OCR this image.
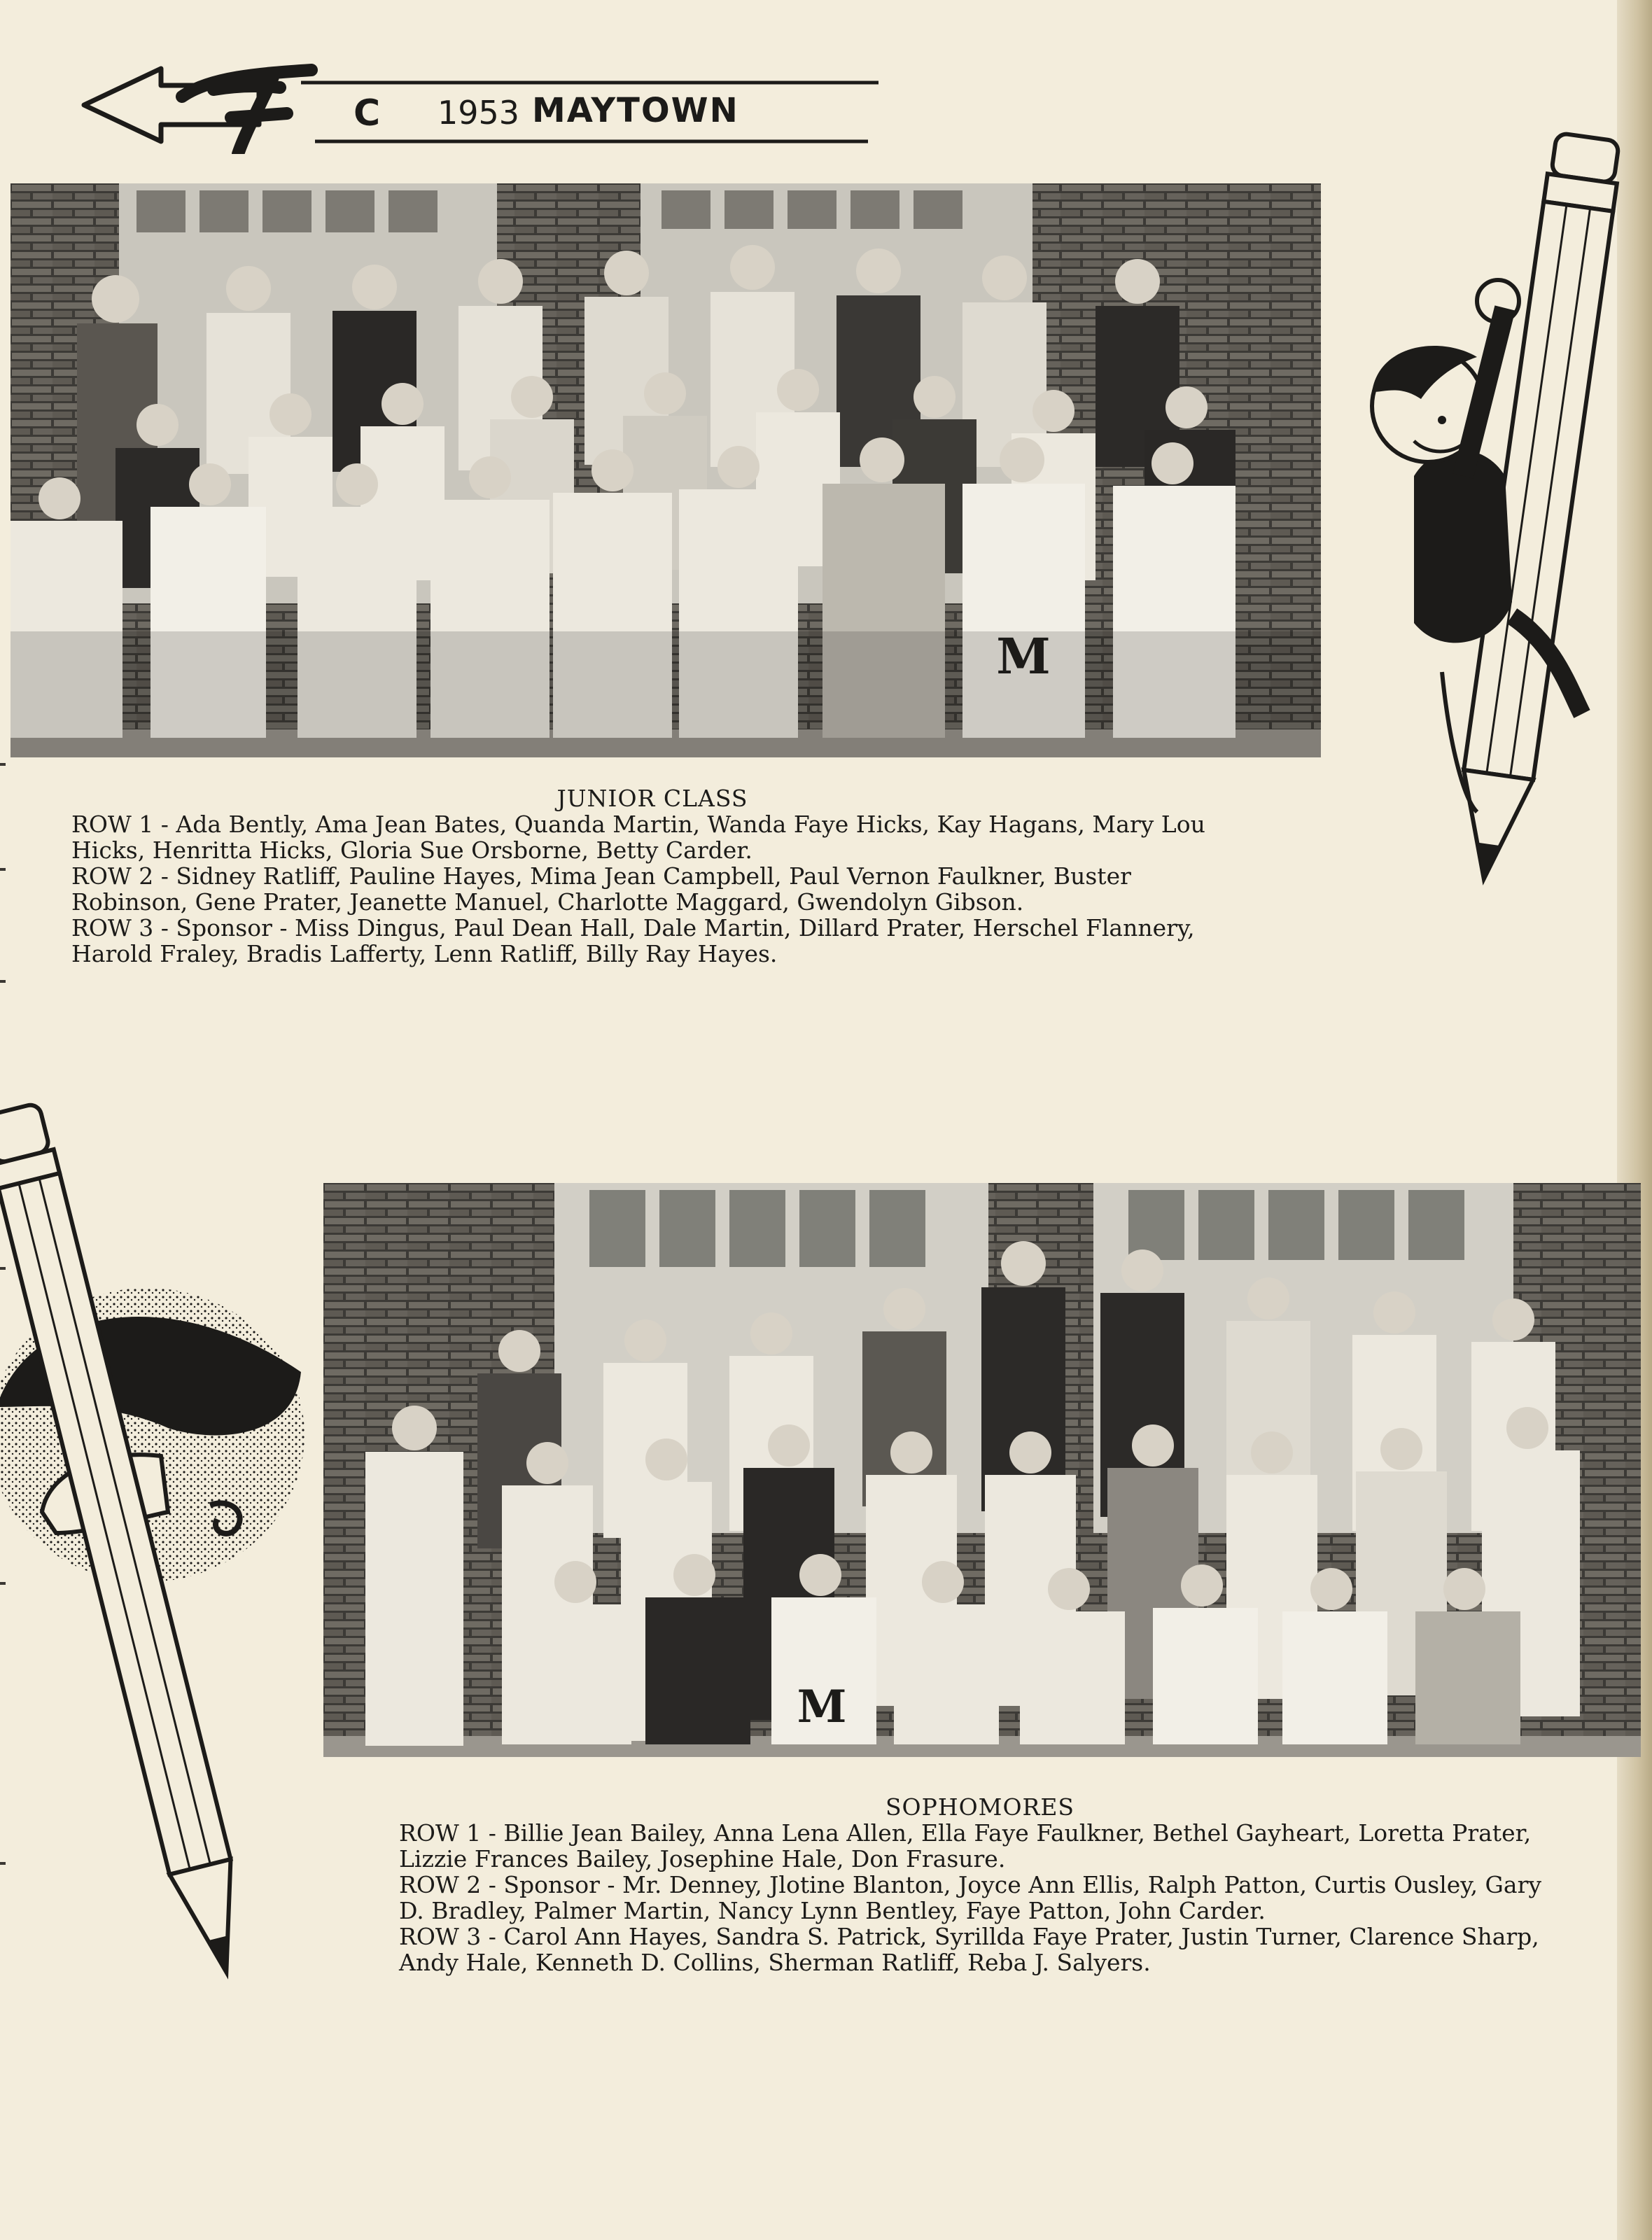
C 1953 MAYTOWN
M
JUNIOR CLASS

ROW 1 - Ada Bently, Ama Jean Bates, Quanda Martin, Wanda Faye Hicks, Kay Hagans, Mary Lou Hicks, Henritta Hicks, Gloria Sue Orsborne, Betty Carder.

ROW 2 - Sidney Ratliff, Pauline Hayes, Mima Jean Campbell, Paul Vernon Faulkner, Buster Robinson, Gene Prater, Jeanette Manuel, Charlotte Maggard, Gwendolyn Gibson.

ROW 3 - Sponsor - Miss Dingus, Paul Dean Hall, Dale Martin, Dillard Prater, Herschel Flannery, Harold Fraley, Bradis Lafferty, Lenn Ratliff, Billy Ray Hayes.

M
SOPHOMORES

ROW 1 - Billie Jean Bailey, Anna Lena Allen, Ella Faye Faulkner, Bethel Gayheart, Loretta Prater, Lizzie Frances Bailey, Josephine Hale, Don Frasure.

ROW 2 - Sponsor - Mr. Denney, Jlotine Blanton, Joyce Ann Ellis, Ralph Patton, Curtis Ousley, Gary D. Bradley, Palmer Martin, Nancy Lynn Bentley, Faye Patton, John Carder.

ROW 3 - Carol Ann Hayes, Sandra S. Patrick, Syrillda Faye Prater, Justin Turner, Clarence Sharp, Andy Hale, Kenneth D. Collins, Sherman Ratliff, Reba J. Salyers.
